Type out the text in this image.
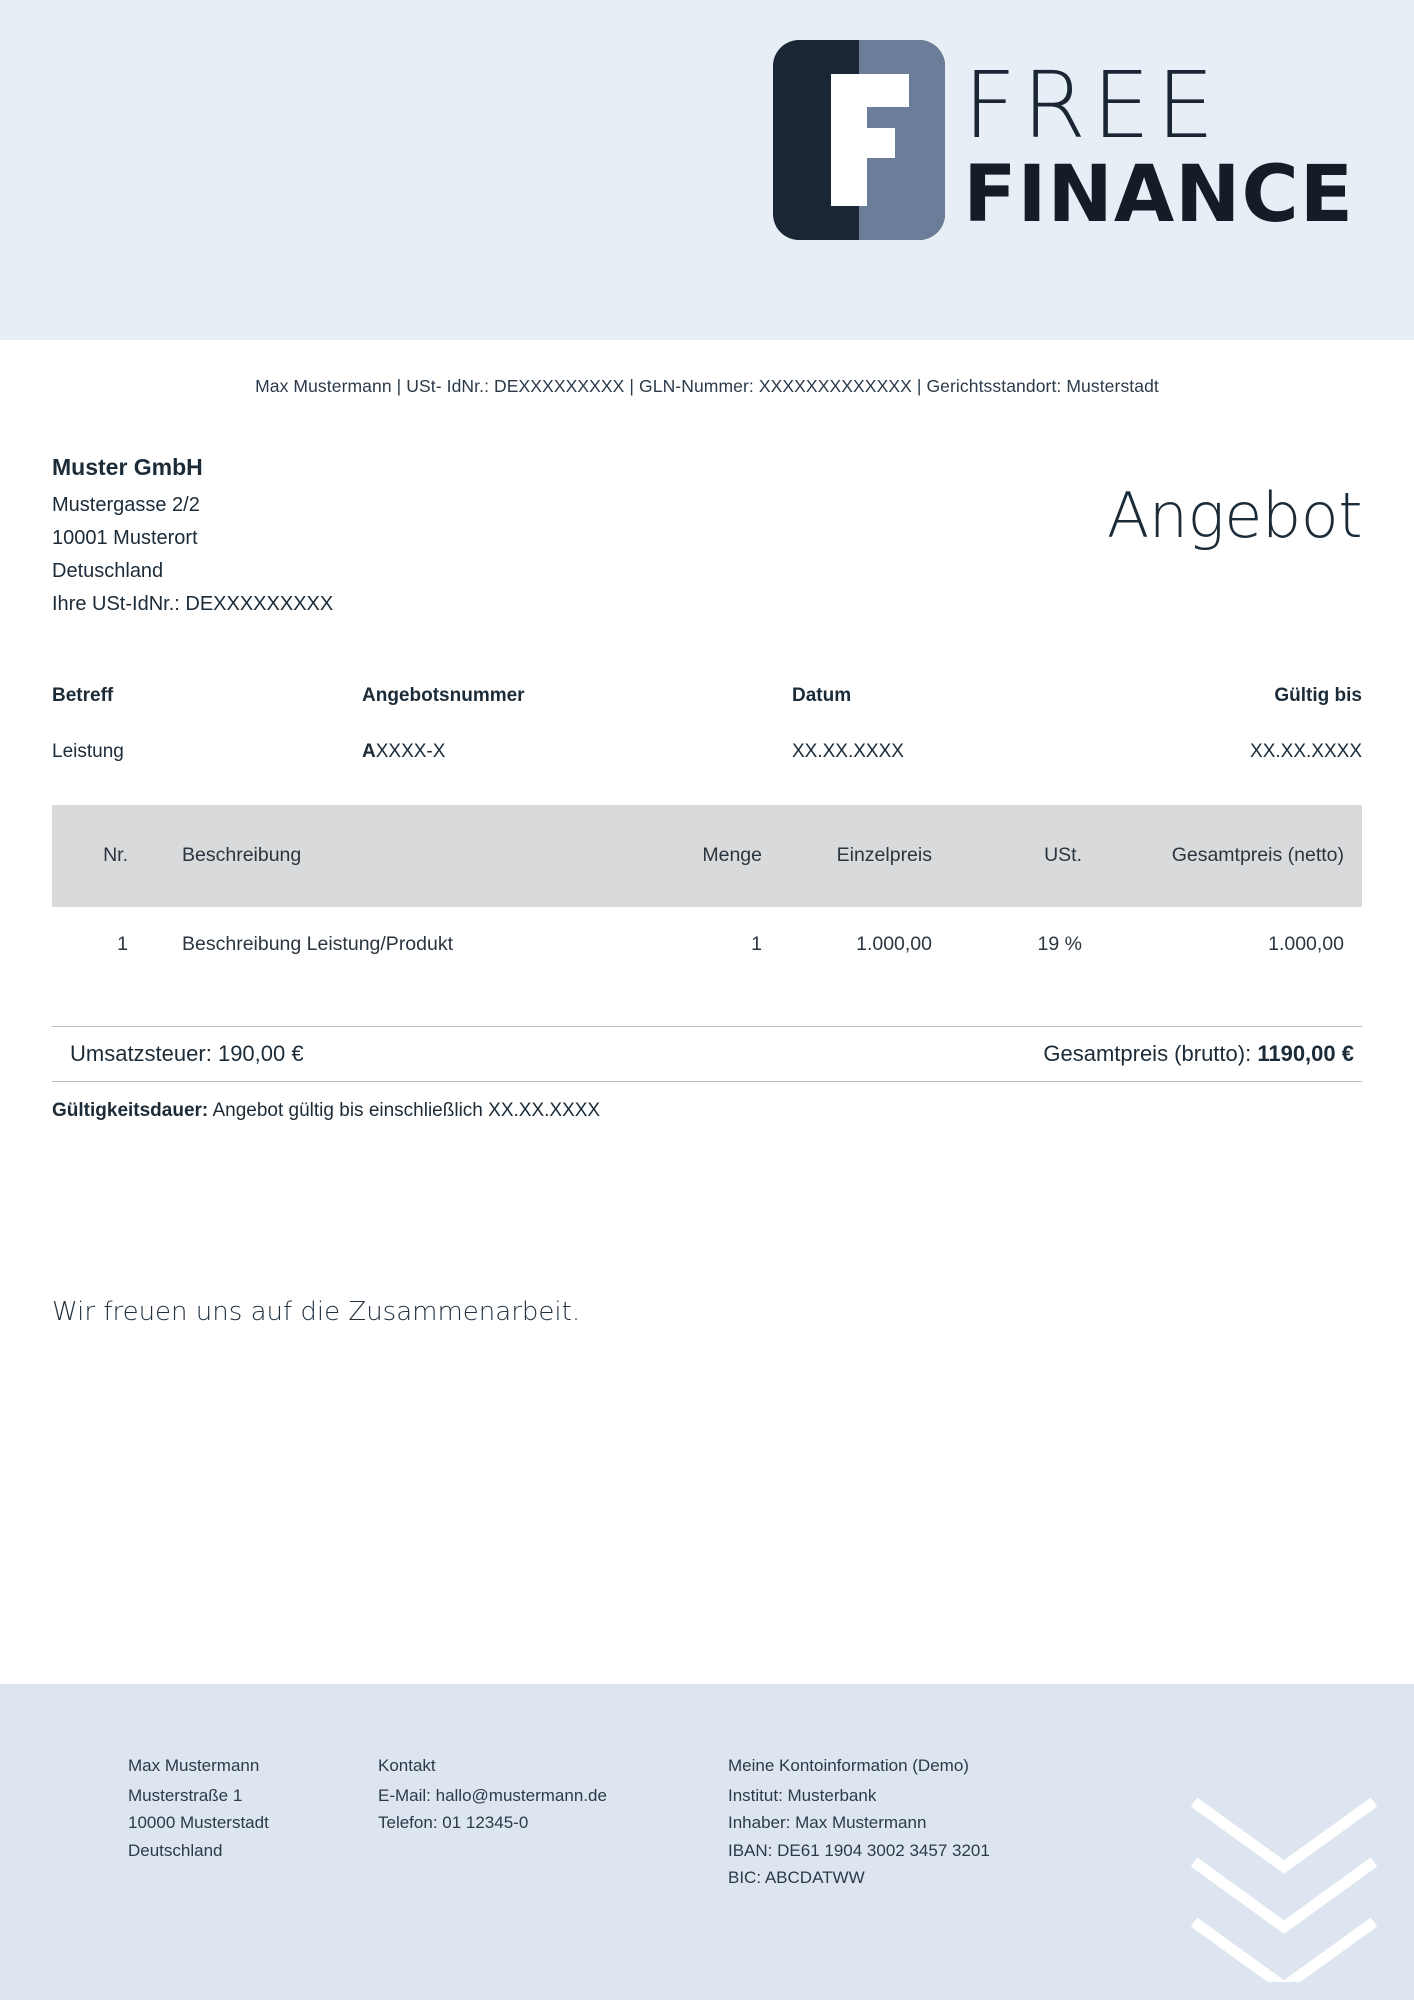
FREE
FINANCE
Max Mustermann | USt- IdNr.: DEXXXXXXXXX | GLN-Nummer: XXXXXXXXXXXXX | Gerichtsstandort: Musterstadt
Muster GmbH
Mustergasse 2/2
10001 Musterort
Detuschland
Ihre USt-IdNr.: DEXXXXXXXXX
Angebot
Betreff	Angebotsnummer	Datum	Gültig bis
Leistung	AXXXX-X	XX.XX.XXXX	XX.XX.XXXX
Nr.	Beschreibung	Menge	Einzelpreis	USt.	Gesamtpreis (netto)
1	Beschreibung Leistung/Produkt	1	1.000,00	19 %	1.000,00
Umsatzsteuer: 190,00 €	Gesamtpreis (brutto): 1190,00 €
Gültigkeitsdauer: Angebot gültig bis einschließlich XX.XX.XXXX
Wir freuen uns auf die Zusammenarbeit.
Max Mustermann
Musterstraße 1
10000 Musterstadt
Deutschland
Kontakt
E-Mail: hallo@mustermann.de
Telefon: 01 12345-0
Meine Kontoinformation (Demo)
Institut: Musterbank
Inhaber: Max Mustermann
IBAN: DE61 1904 3002 3457 3201
BIC: ABCDATWW
